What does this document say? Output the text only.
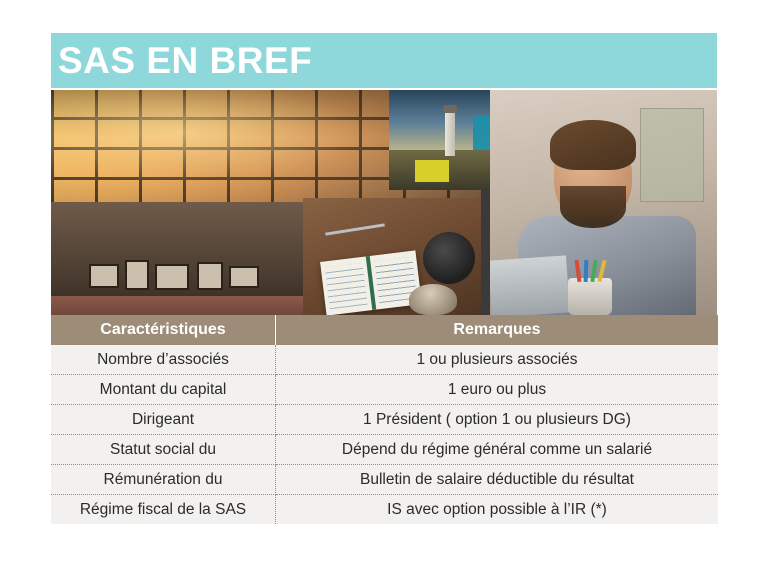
SAS EN BREF
Caractéristiques	Remarques
Nombre d’associés	1 ou plusieurs associés
Montant du capital	1 euro ou plus
Dirigeant	1 Président ( option 1 ou plusieurs DG)
Statut social du	Dépend du régime général comme un salarié
Rémunération du	Bulletin de salaire déductible du résultat
Régime fiscal de la SAS	IS avec option possible à l’IR (*)
